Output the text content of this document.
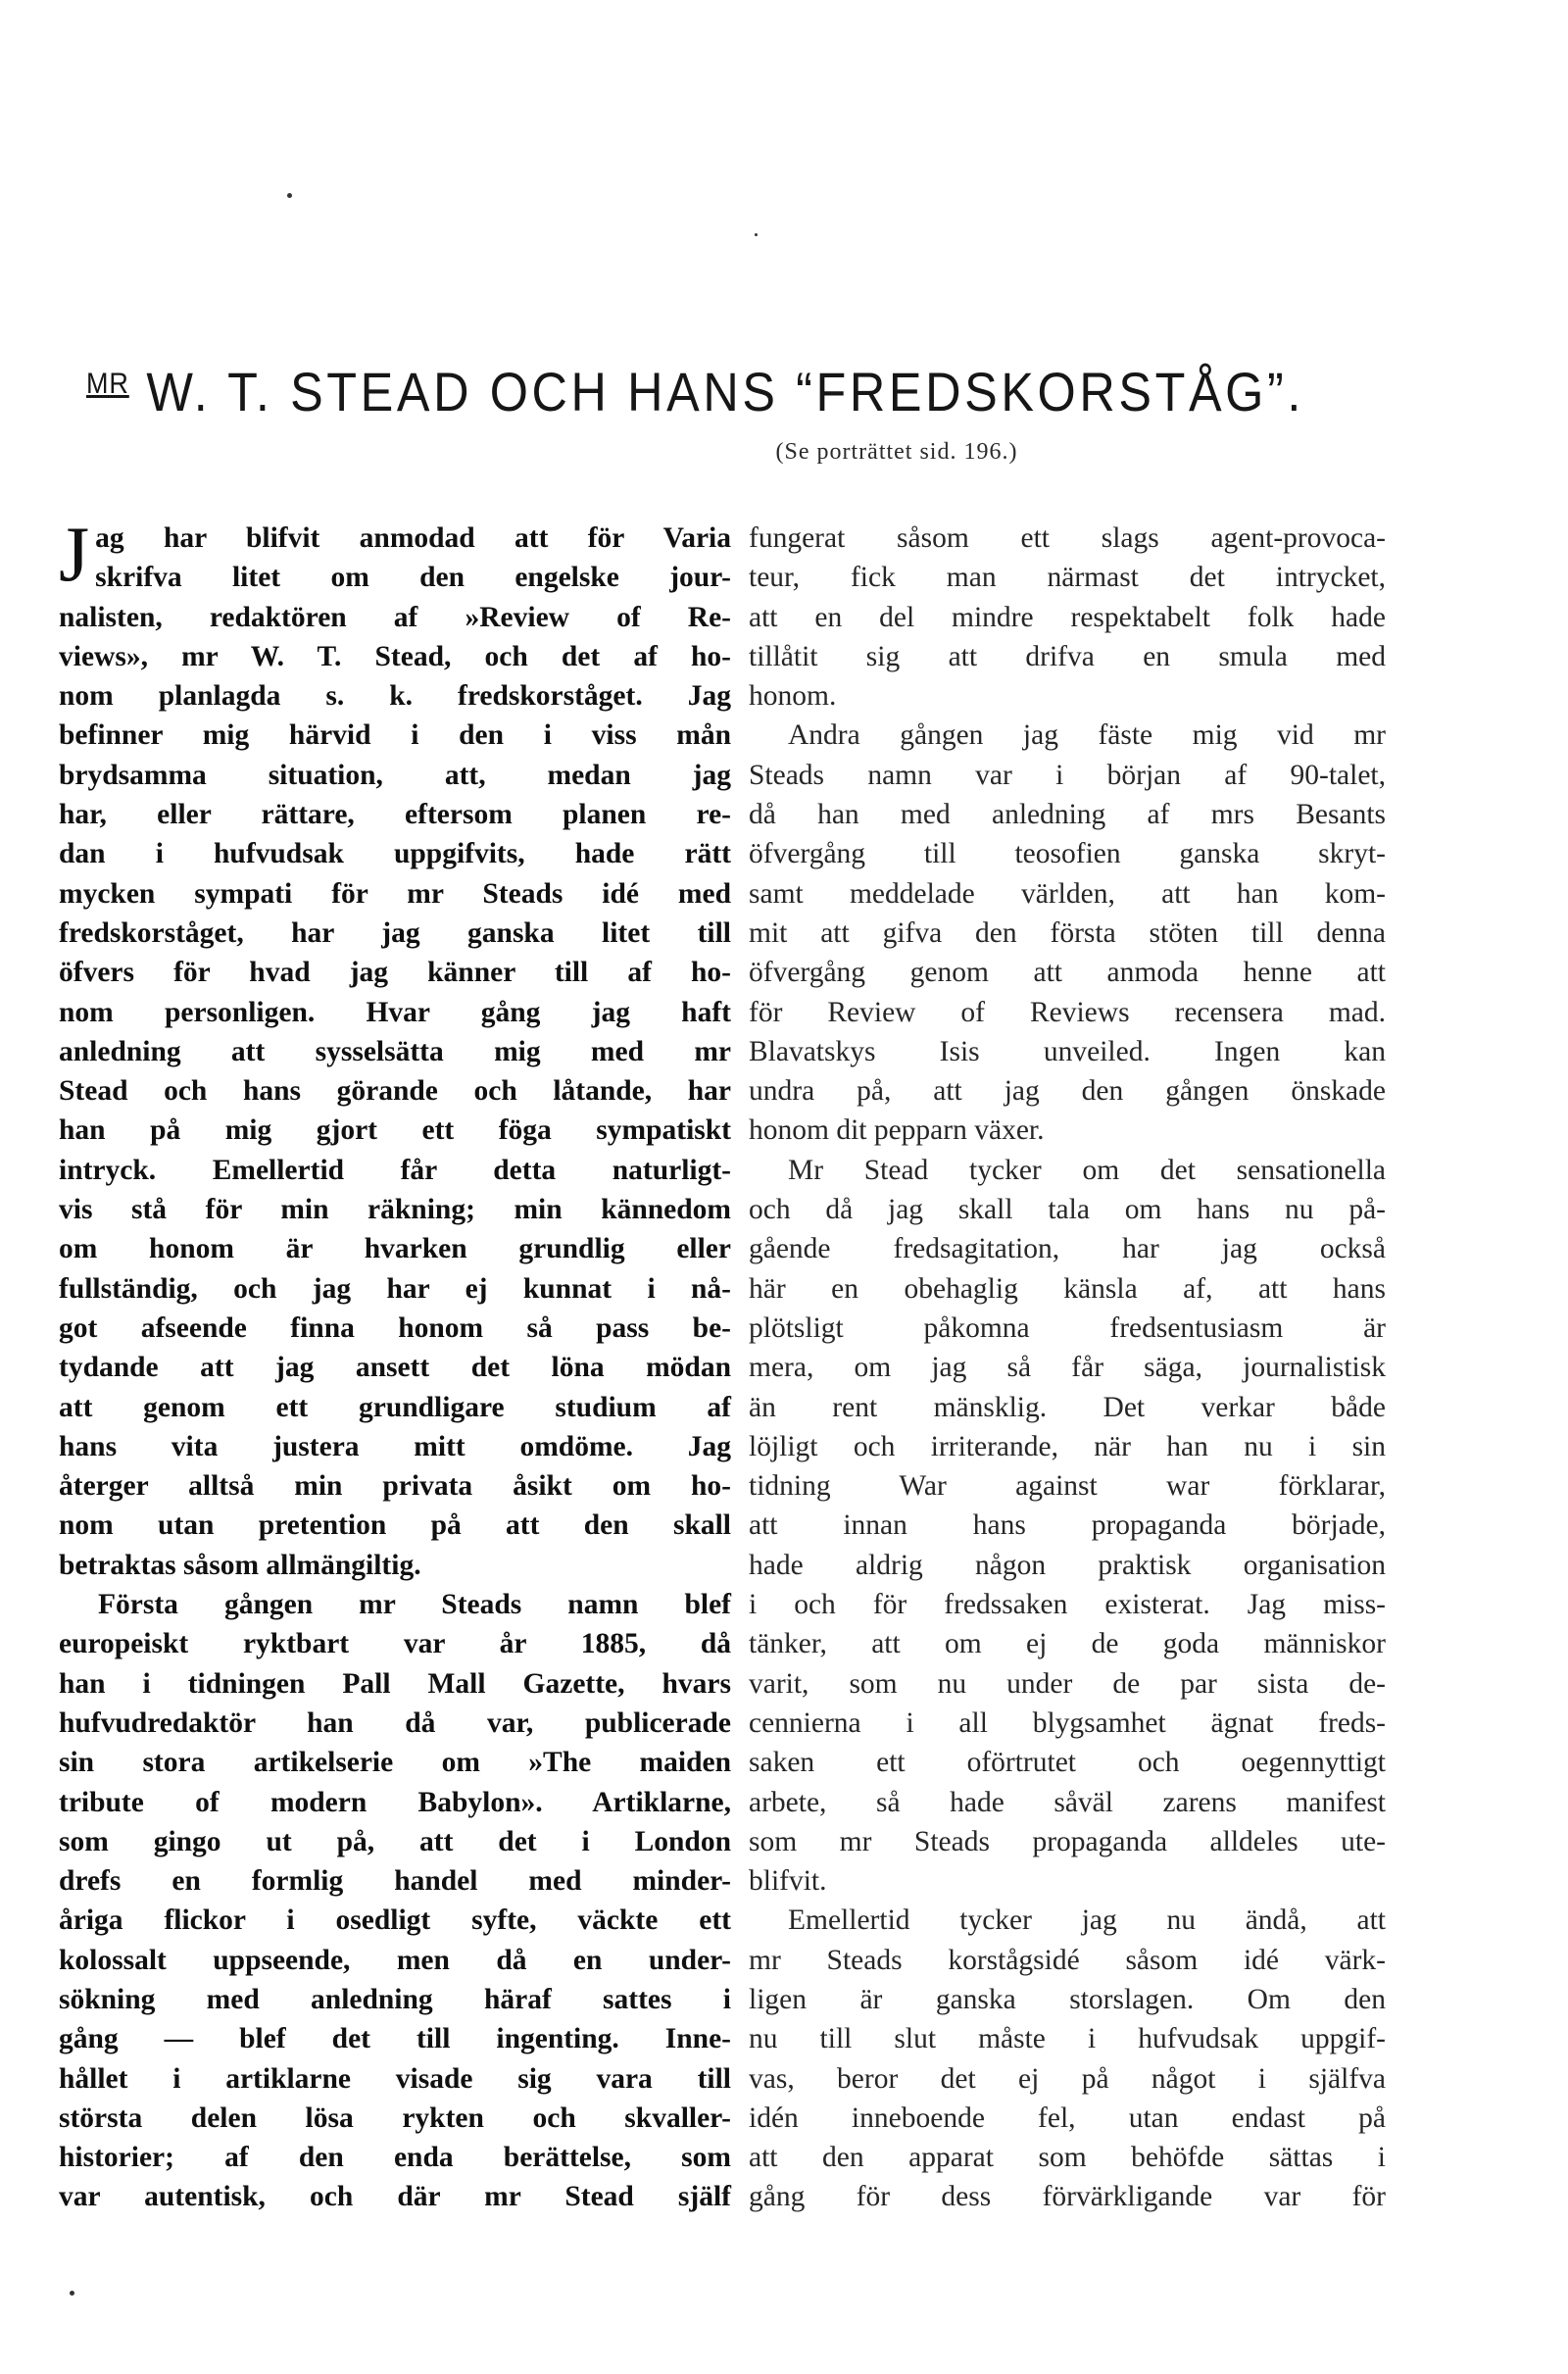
$^{MR}$ W. T. STEAD OCH HANS “FREDSKORSTÅG”.
(Se porträttet sid. 196.)
J ag har blifvit anmodad att för Varia
skrifva litet om den engelske jour-
nalisten, redaktören af »Review of Re-
views», mr W. T. Stead, och det af ho-
nom planlagda s. k. fredskorståget. Jag
befinner mig härvid i den i viss mån
brydsamma situation, att, medan jag
har, eller rättare, eftersom planen re-
dan i hufvudsak uppgifvits, hade rätt
mycken sympati för mr Steads idé med
fredskorståget, har jag ganska litet till
öfvers för hvad jag känner till af ho-
nom personligen. Hvar gång jag haft
anledning att sysselsätta mig med mr
Stead och hans görande och låtande, har
han på mig gjort ett föga sympatiskt
intryck. Emellertid får detta naturligt-
vis stå för min räkning; min kännedom
om honom är hvarken grundlig eller
fullständig, och jag har ej kunnat i nå-
got afseende finna honom så pass be-
tydande att jag ansett det löna mödan
att genom ett grundligare studium af
hans vita justera mitt omdöme. Jag
återger alltså min privata åsikt om ho-
nom utan pretention på att den skall
betraktas såsom allmängiltig.
Första gången mr Steads namn blef
europeiskt ryktbart var år 1885, då
han i tidningen Pall Mall Gazette, hvars
hufvudredaktör han då var, publicerade
sin stora artikelserie om »The maiden
tribute of modern Babylon». Artiklarne,
som gingo ut på, att det i London
drefs en formlig handel med minder-
åriga flickor i osedligt syfte, väckte ett
kolossalt uppseende, men då en under-
sökning med anledning häraf sattes i
gång — blef det till ingenting. Inne-
hållet i artiklarne visade sig vara till
största delen lösa rykten och skvaller-
historier; af den enda berättelse, som
var autentisk, och där mr Stead själf
fungerat såsom ett slags agent-provoca-
teur, fick man närmast det intrycket,
att en del mindre respektabelt folk hade
tillåtit sig att drifva en smula med
honom.
Andra gången jag fäste mig vid mr
Steads namn var i början af 90-talet,
då han med anledning af mrs Besants
öfvergång till teosofien ganska skryt-
samt meddelade världen, att han kom-
mit att gifva den första stöten till denna
öfvergång genom att anmoda henne att
för Review of Reviews recensera mad.
Blavatskys Isis unveiled. Ingen kan
undra på, att jag den gången önskade
honom dit pepparn växer.
Mr Stead tycker om det sensationella
och då jag skall tala om hans nu på-
gående fredsagitation, har jag också
här en obehaglig känsla af, att hans
plötsligt påkomna fredsentusiasm är
mera, om jag så får säga, journalistisk
än rent mänsklig. Det verkar både
löjligt och irriterande, när han nu i sin
tidning War against war förklarar,
att innan hans propaganda började,
hade aldrig någon praktisk organisation
i och för fredssaken existerat. Jag miss-
tänker, att om ej de goda människor
varit, som nu under de par sista de-
cennierna i all blygsamhet ägnat freds-
saken ett oförtrutet och oegennyttigt
arbete, så hade såväl zarens manifest
som mr Steads propaganda alldeles ute-
blifvit.
Emellertid tycker jag nu ändå, att
mr Steads korstågsidé såsom idé värk-
ligen är ganska storslagen. Om den
nu till slut måste i hufvudsak uppgif-
vas, beror det ej på något i själfva
idén inneboende fel, utan endast på
att den apparat som behöfde sättas i
gång för dess förvärkligande var för
